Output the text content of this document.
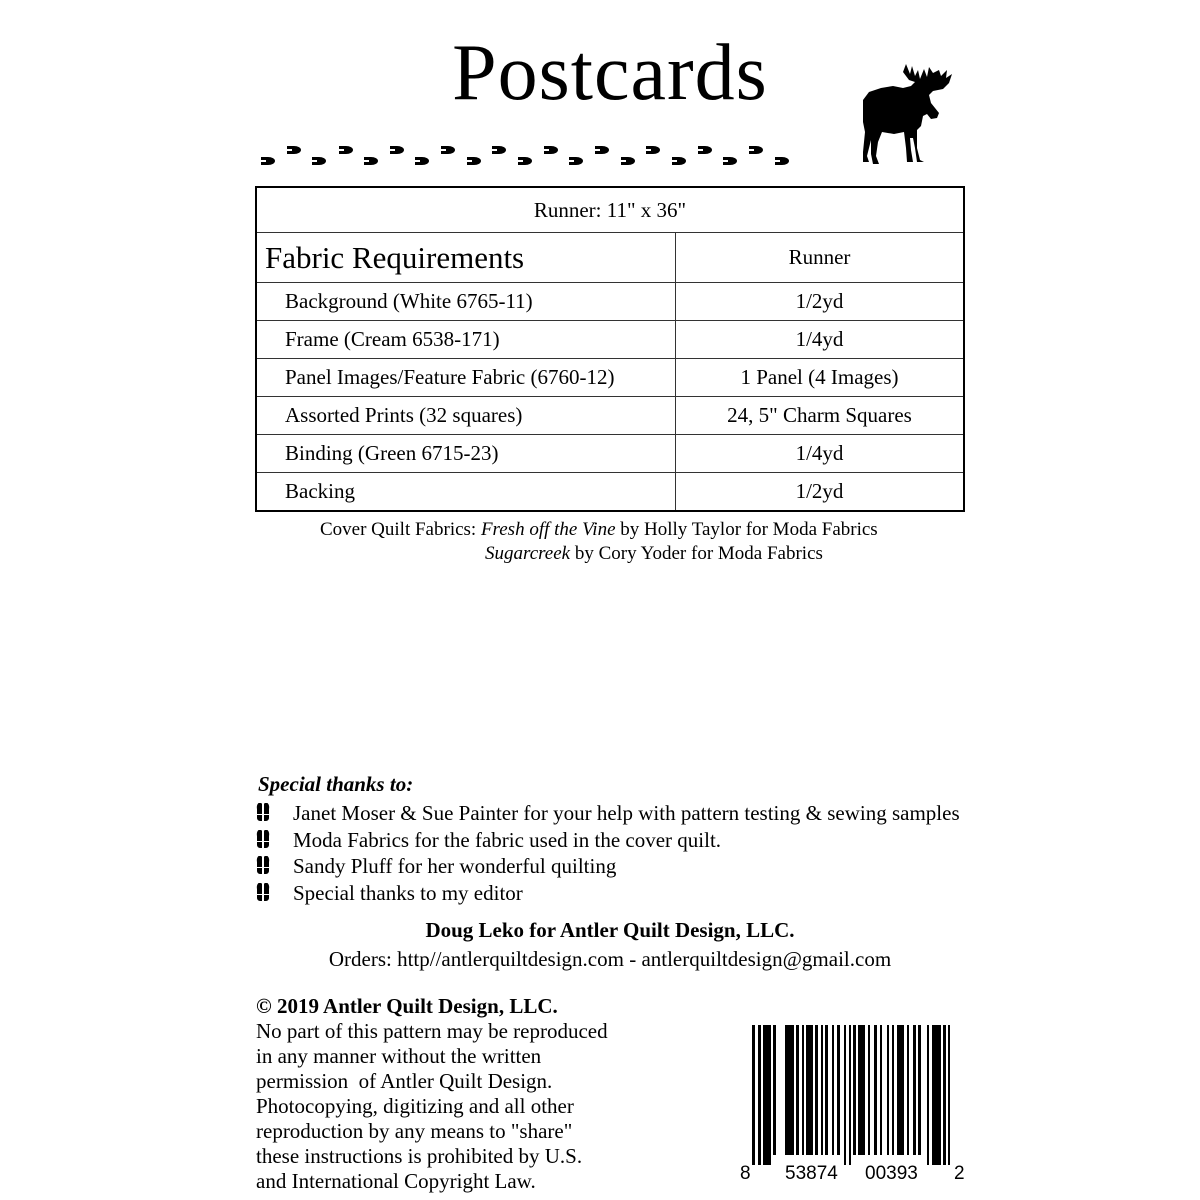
Postcards
Runner: 11" x 36"	
Fabric Requirements	Runner
Background (White 6765-11)	1/2yd
Frame (Cream 6538-171)	1/4yd
Panel Images/Feature Fabric (6760-12)	1 Panel (4 Images)
Assorted Prints (32 squares)	24, 5" Charm Squares
Binding (Green 6715-23)	1/4yd
Backing	1/2yd
Cover Quilt Fabrics: Fresh off the Vine by Holly Taylor for Moda Fabrics
Sugarcreek by Cory Yoder for Moda Fabrics
Special thanks to:
Janet Moser & Sue Painter for your help with pattern testing & sewing samples
Moda Fabrics for the fabric used in the cover quilt.
Sandy Pluff for her wonderful quilting
Special thanks to my editor
Doug Leko for Antler Quilt Design, LLC.
Orders: http//antlerquiltdesign.com - antlerquiltdesign@gmail.com
© 2019 Antler Quilt Design, LLC.
No part of this pattern may be reproduced
in any manner without the written
permission  of Antler Quilt Design.
Photocopying, digitizing and all other
reproduction by any means to "share"
these instructions is prohibited by U.S.
and International Copyright Law.	8 53874 00393 2
